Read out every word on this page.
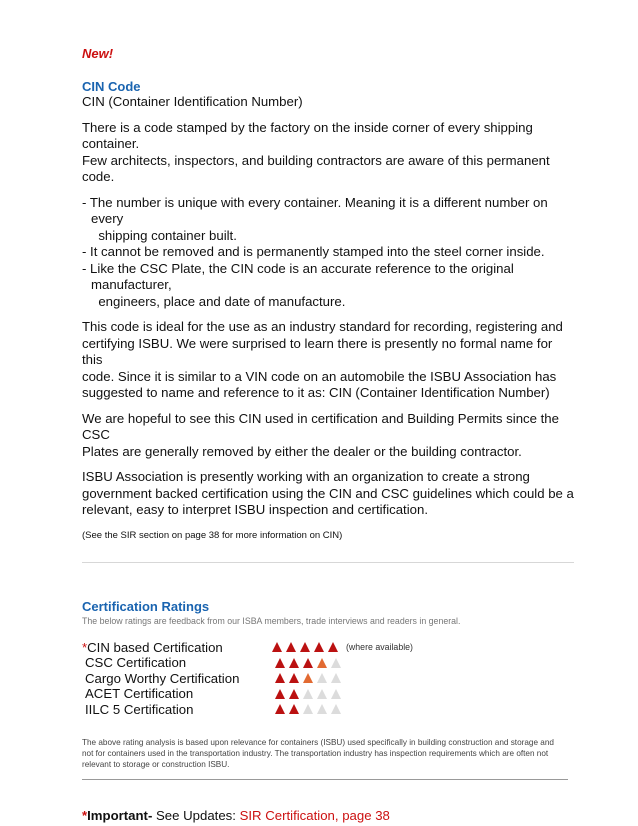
New!

CIN Code

CIN (Container Identification Number)

There is a code stamped by the factory on the inside corner of every shipping container.

Few architects, inspectors, and building contractors are aware of this permanent code.

- The number is unique with every container. Meaning it is a different number on every
shipping container built.

- It cannot be removed and is permanently stamped into the steel corner inside.

- Like the CSC Plate, the CIN code is an accurate reference to the original manufacturer,
engineers, place and date of manufacture.

This code is ideal for the use as an industry standard for recording, registering and

certifying ISBU. We were surprised to learn there is presently no formal name for this

code. Since it is similar to a VIN code on an automobile the ISBU Association has

suggested to name and reference to it as: CIN (Container Identification Number)

We are hopeful to see this CIN used in certification and Building Permits since the CSC

Plates are generally removed by either the dealer or the building contractor.

ISBU Association is presently working with an organization to create a strong

government backed certification using the CIN and CSC guidelines which could be a

relevant, easy to interpret ISBU inspection and certification.

(See the SIR section on page 38 for more information on CIN)
Certification Ratings
The below ratings are feedback from our ISBA members, trade interviews and readers in general.
*CIN based Certification	(where available)
CSC Certification
Cargo Worthy Certification
ACET Certification
IILC 5 Certification
The above rating analysis is based upon relevance for containers (ISBU) used specifically in building construction and storage and
not for containers used in the transportation industry. The transportation industry has inspection requirements which are often not
relevant to storage or construction ISBU.
*Important- See Updates: SIR Certification, page 38
